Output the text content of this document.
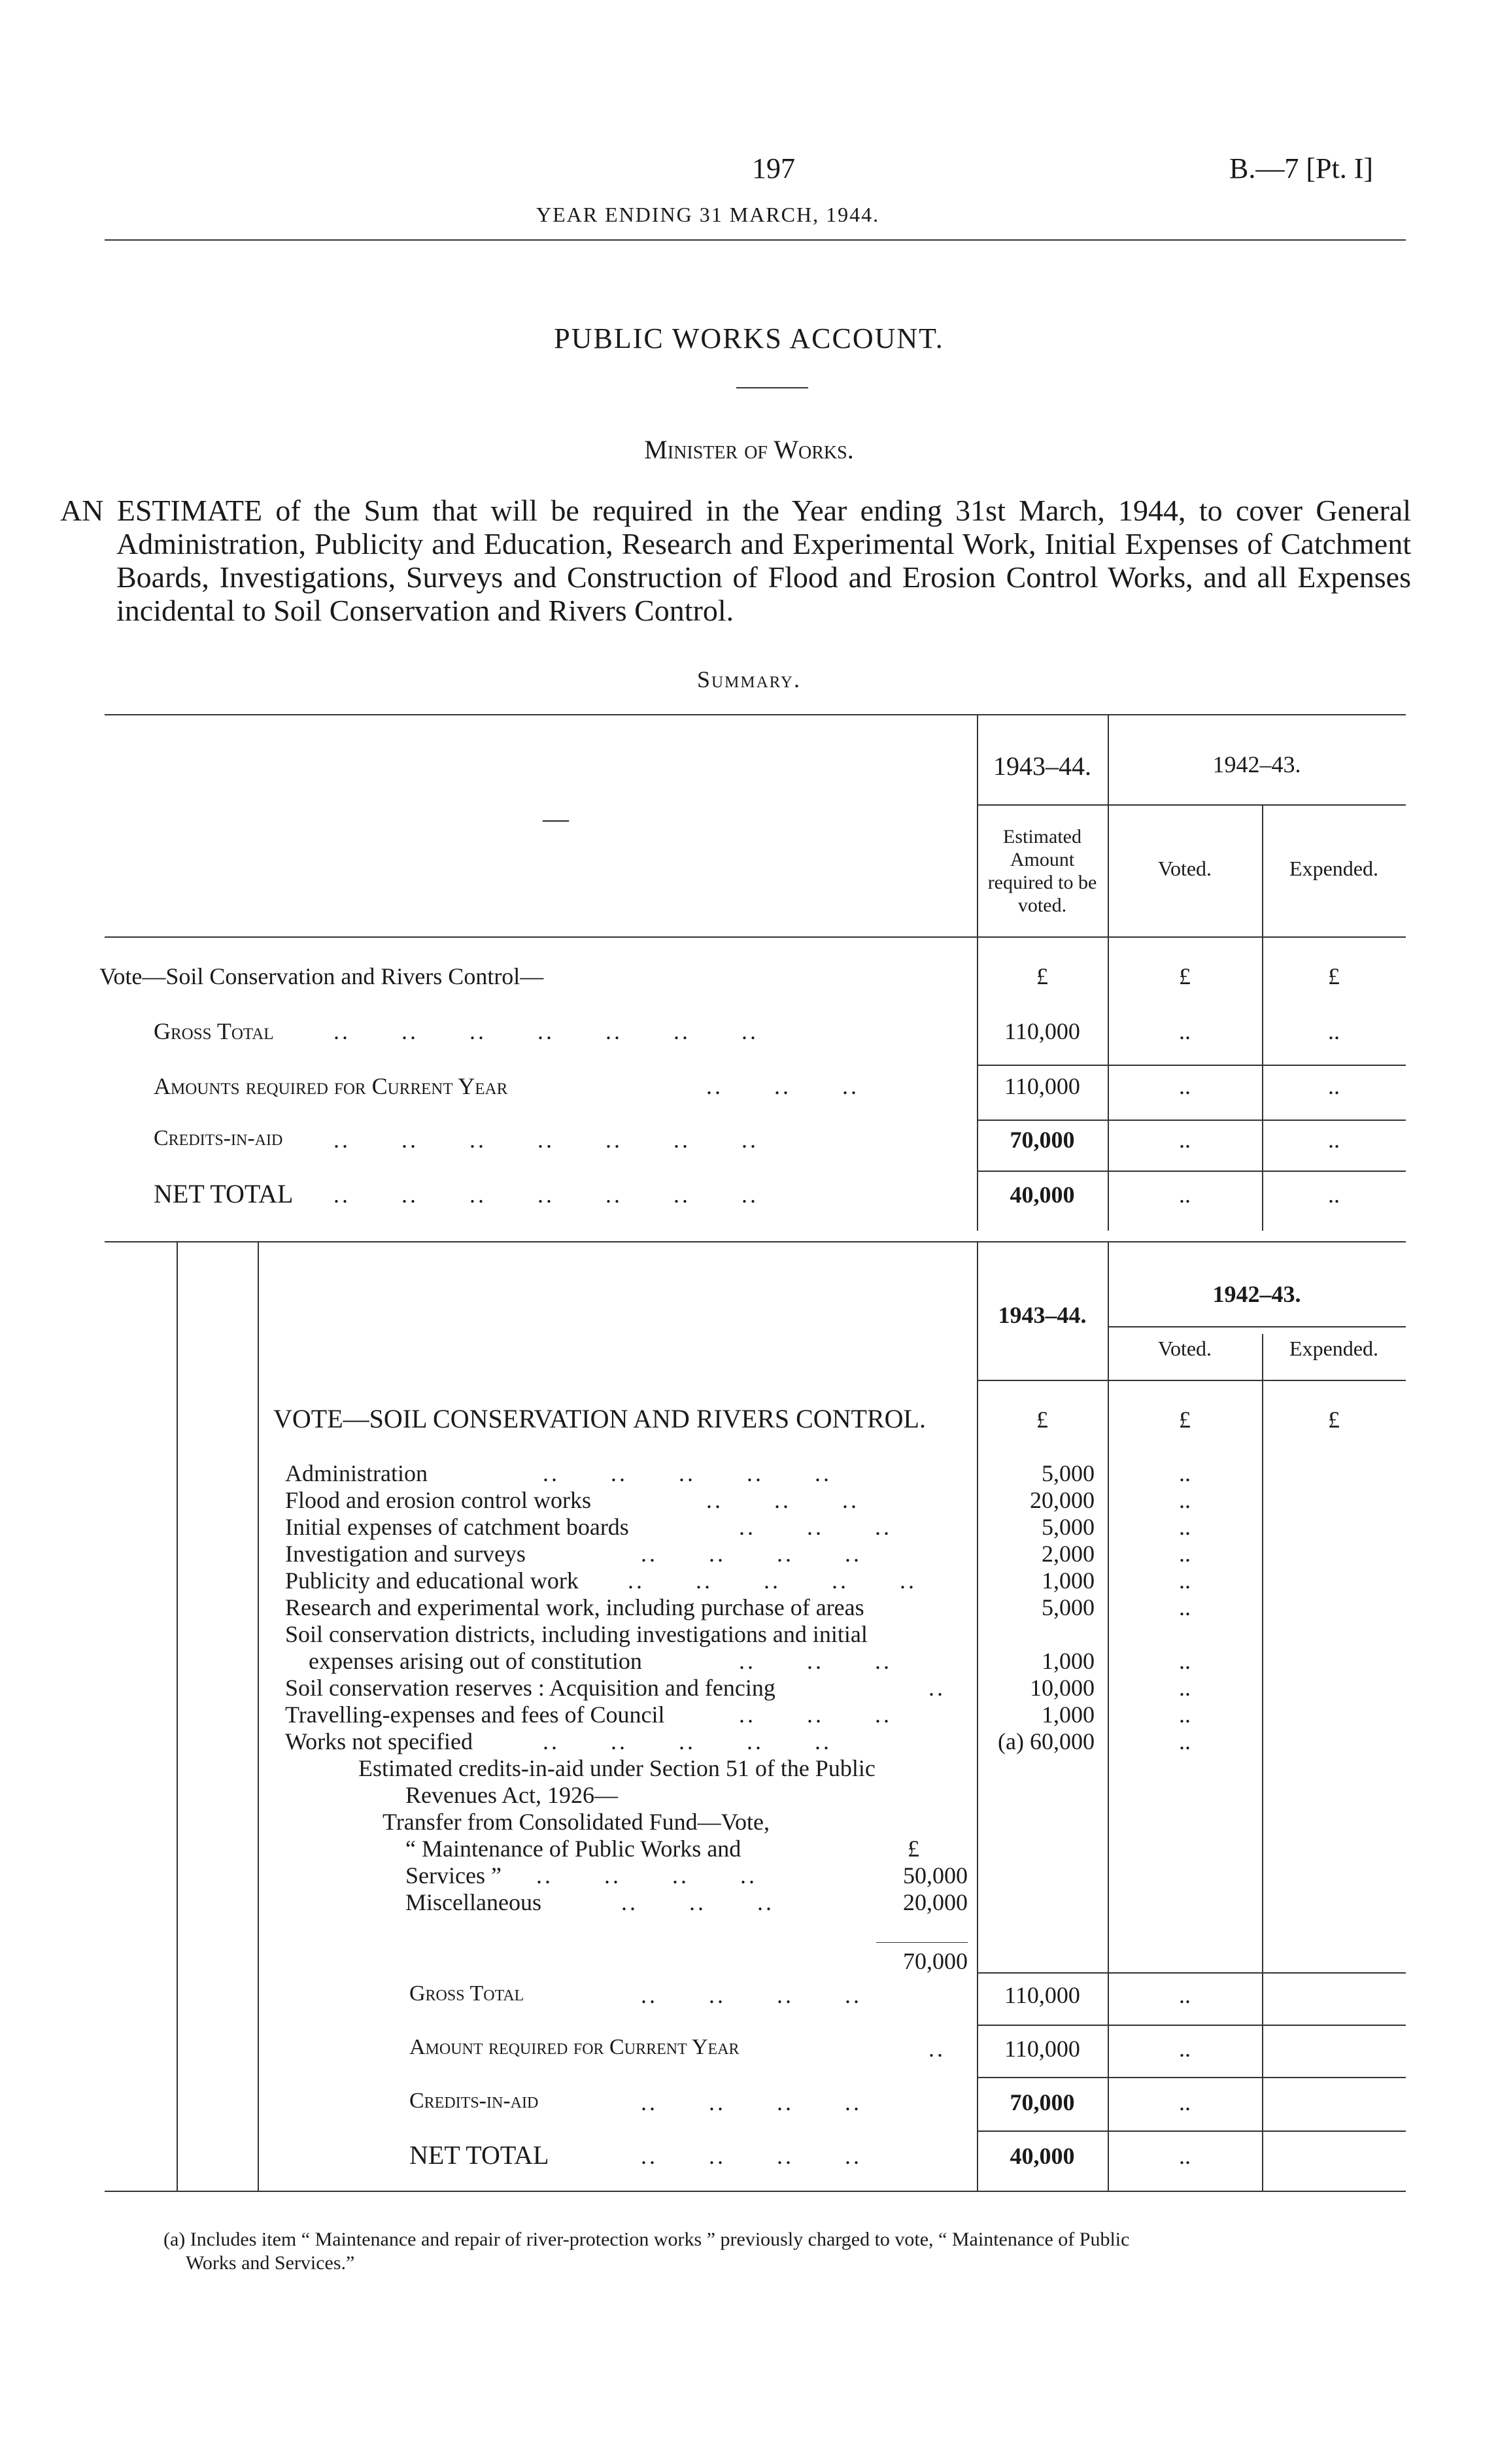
197	B.—7 [Pt. I]
YEAR ENDING 31 MARCH, 1944.
PUBLIC WORKS ACCOUNT.
Minister of Works.
AN ESTIMATE of the Sum that will be required in the Year ending 31st March, 1944, to cover General Administration, Publicity and Education, Research and Experimental Work, Initial Expenses of Catchment Boards, Investigations, Surveys and Construction of Flood and Erosion Control Works, and all Expenses incidental to Soil Conservation and Rivers Control.
Summary.
—
1943–44.	1942–43.
Estimated Amount required to be voted.
Voted.	Expended.
Vote—Soil Conservation and Rivers Control—	£	£	£
Gross Total	..      ..      ..      ..      ..      ..      ..	110,000	..	..
Amounts required for Current Year	..      ..      ..	110,000	..	..
Credits-in-aid ..      ..      ..      ..      ..      ..      ..	70,000	..	..
NET TOTAL ..      ..      ..      ..      ..      ..      ..	40,000	..	..
1943–44.
1942–43.
Voted.	Expended.
VOTE—SOIL CONSERVATION AND RIVERS CONTROL.	£	£	£
Administration	..      ..      ..      ..      ..	5,000	..
Flood and erosion control works	..      ..      ..	20,000	..
Initial expenses of catchment boards	..      ..      ..	5,000	..
Investigation and surveys	..      ..      ..      ..	2,000	..
Publicity and educational work ..      ..      ..      ..      ..	1,000	..
Research and experimental work, including purchase of areas	5,000	..
Soil conservation districts, including investigations and initial
expenses arising out of constitution	..      ..      ..	1,000	..
Soil conservation reserves : Acquisition and fencing	..	10,000	..
Travelling-expenses and fees of Council	..      ..      ..	1,000	..
Works not specified	..      ..      ..      ..      ..	(a) 60,000	..
Estimated credits-in-aid under Section 51 of the Public
Revenues Act, 1926—
Transfer from Consolidated Fund—Vote,
“ Maintenance of Public Works and	£
Services ” ..      ..      ..      ..	50,000
Miscellaneous	..      ..      ..	20,000
70,000
Gross Total	..      ..      ..      ..	110,000	..
Amount required for Current Year	..	110,000	..
Credits-in-aid	..      ..      ..      ..	70,000	..
NET TOTAL	..      ..      ..      ..	40,000	..
(a) Includes item “ Maintenance and repair of river-protection works ” previously charged to vote, “ Maintenance of Public
Works and Services.”
